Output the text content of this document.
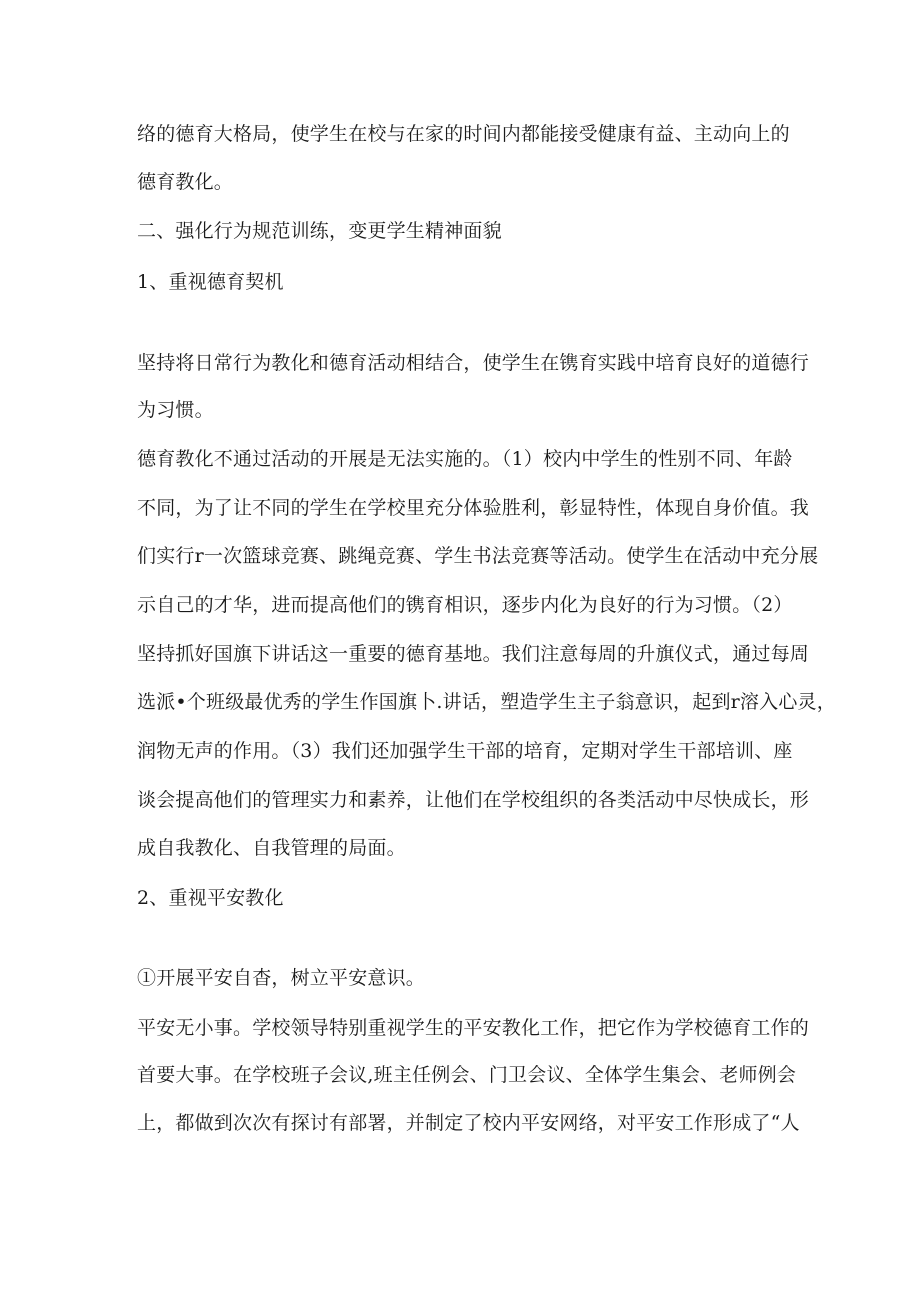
络的德育大格局，使学生在校与在家的时间内都能接受健康有益、主动向上的
德育教化。
二、强化行为规范训练，变更学生精神面貌
1、重视德育契机
坚持将日常行为教化和德育活动相结合，使学生在镌育实践中培育良好的道德行
为习惯。
德育教化不通过活动的开展是无法实施的。（1）校内中学生的性别不同、年龄
不同，为了让不同的学生在学校里充分体验胜利，彰显特性，体现自身价值。我
们实行r一次篮球竞赛、跳绳竞赛、学生书法竞赛等活动。使学生在活动中充分展
示自己的才华，进而提高他们的镌育相识，逐步内化为良好的行为习惯。（2）
坚持抓好国旗下讲话这一重要的德育基地。我们注意每周的升旗仪式，通过每周
选派•个班级最优秀的学生作国旗卜.讲话，塑造学生主子翁意识，起到r溶入心灵，
润物无声的作用。（3）我们还加强学生干部的培育，定期对学生干部培训、座
谈会提高他们的管理实力和素养，让他们在学校组织的各类活动中尽快成长，形
成自我教化、自我管理的局面。
2、重视平安教化
①开展平安自杳，树立平安意识。
平安无小事。学校领导特别重视学生的平安教化工作，把它作为学校德育工作的
首要大事。在学校班子会议,班主任例会、门卫会议、全体学生集会、老师例会
上，都做到次次有探讨有部署，并制定了校内平安网络，对平安工作形成了“人
